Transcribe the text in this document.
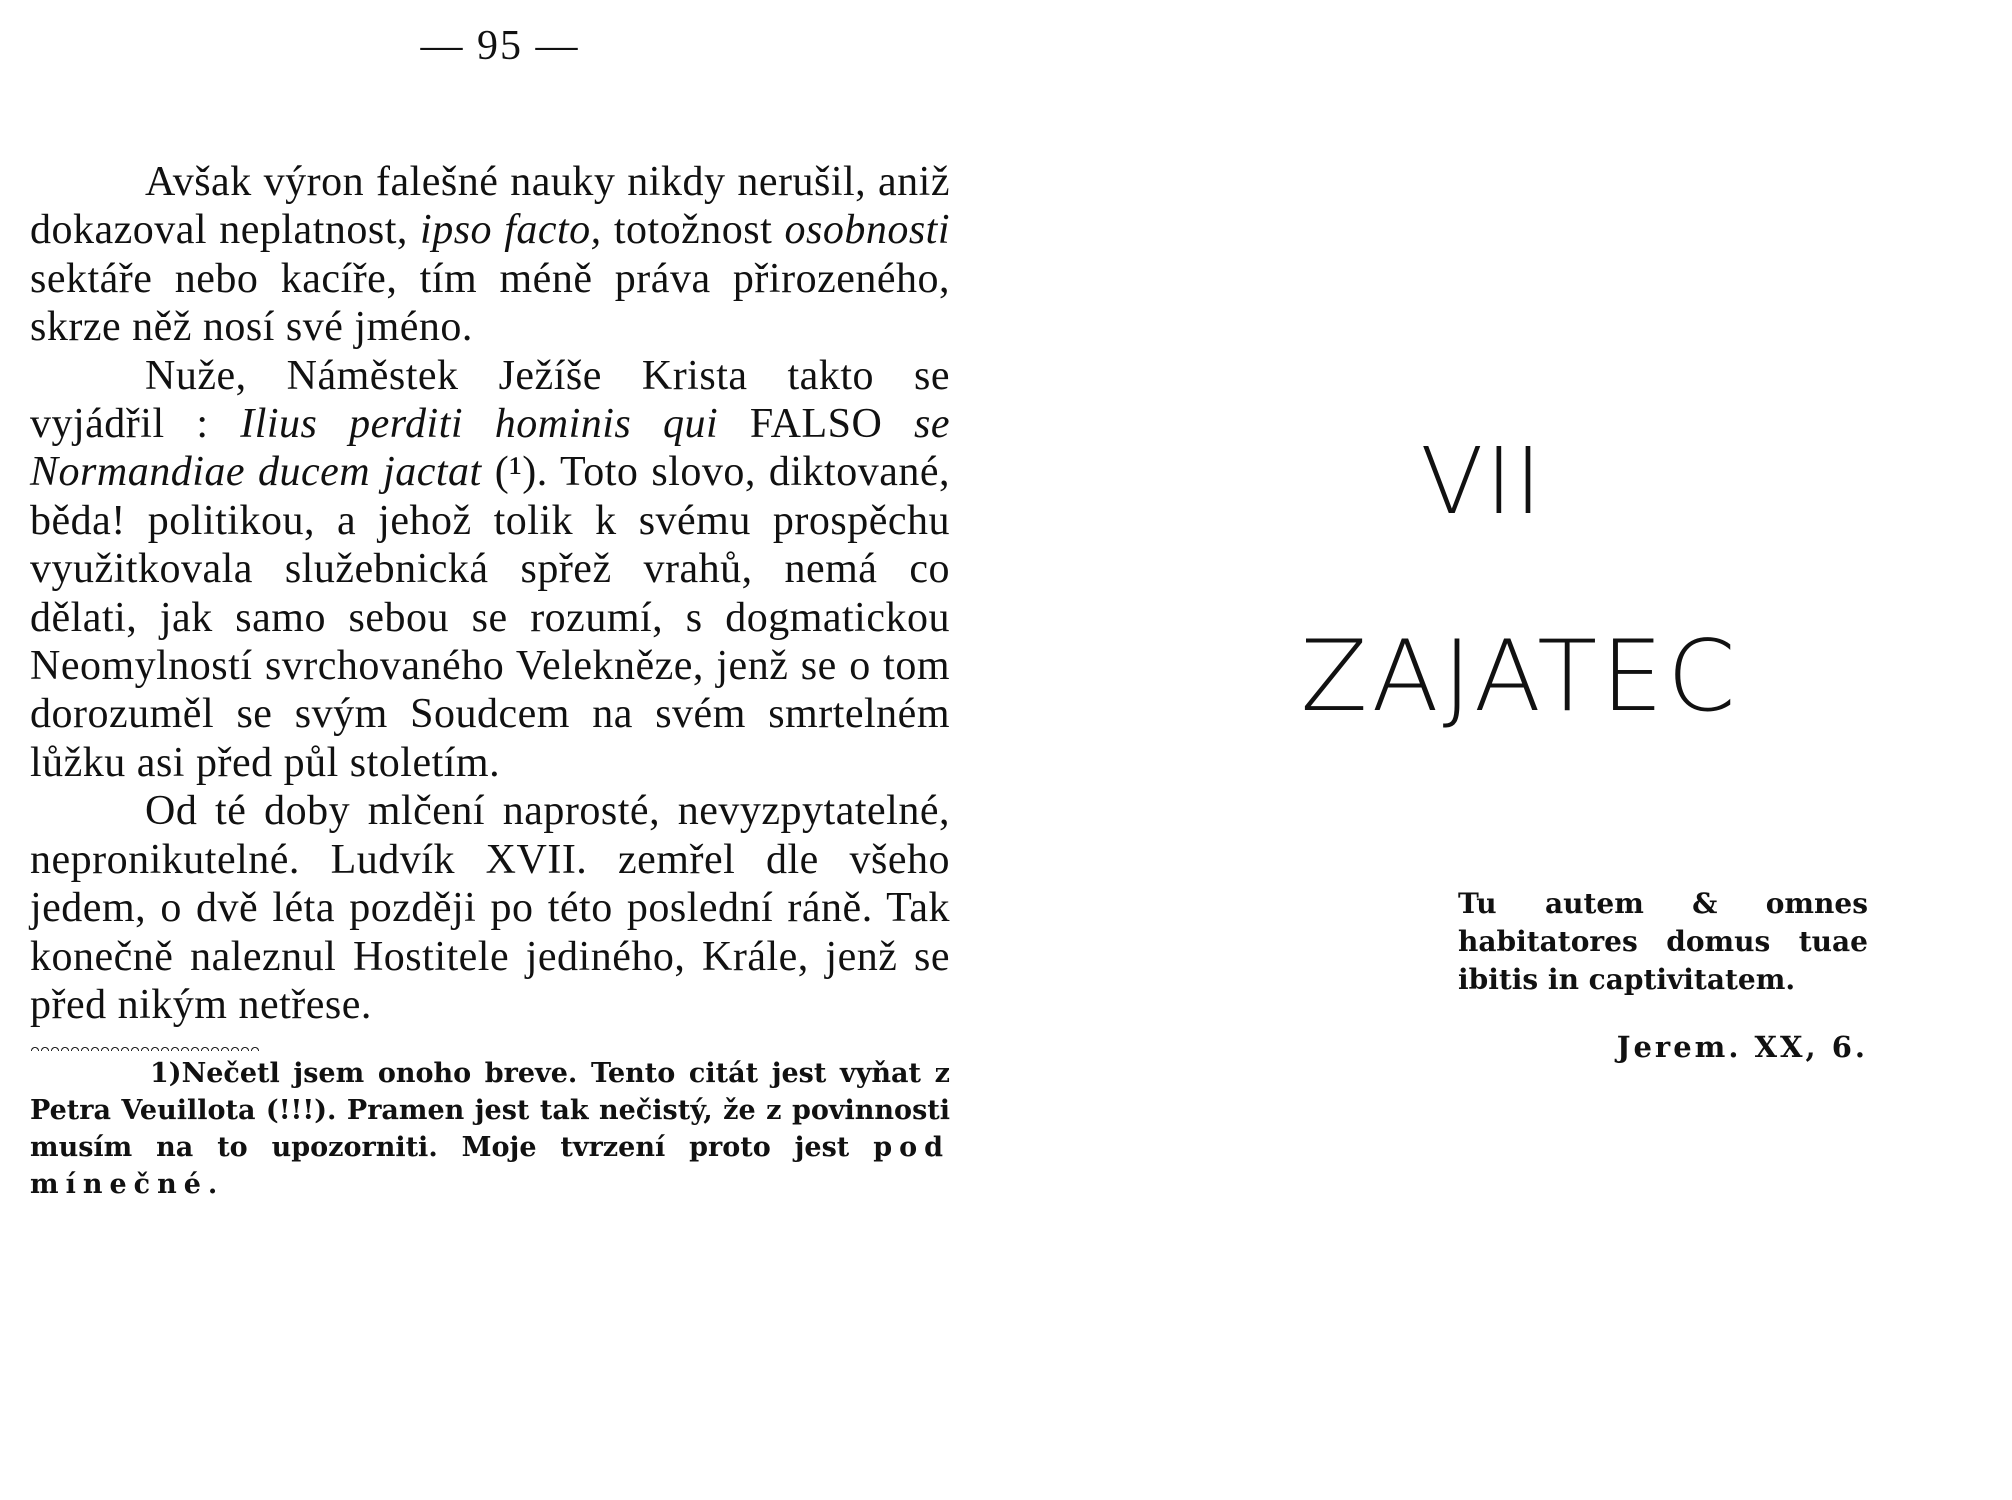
— 95 —

Avšak výron falešné nauky nikdy nerušil, aniž dokazoval neplatnost, ipso facto, totožnost osobnosti sektáře nebo kacíře, tím méně práva přirozeného, skrze něž nosí své jméno.

Nuže, Náměstek Ježíše Krista takto se vyjádřil : Ilius perditi hominis qui FALSO se Normandiae ducem jactat (¹). Toto slovo, diktované, běda! politikou, a jehož tolik k svému prospěchu využitkovala služebnická spřež vrahů, nemá co dělati, jak samo sebou se rozumí, s dogmatickou Neomylností svrchovaného Velekněze, jenž se o tom dorozuměl se svým Soudcem na svém smrtelném lůžku asi před půl stoletím.

Od té doby mlčení naprosté, nevyzpytatelné, nepronikutelné. Ludvík XVII. zemřel dle všeho jedem, o dvě léta později po této poslední ráně. Tak konečně naleznul Hostitele jediného, Krále, jenž se před nikým netřese.

1)Nečetl jsem onoho breve. Tento citát jest vyňat z Petra Veuillota (!!!). Pramen jest tak nečistý, že z povinnosti musím na to upozorniti. Moje tvrzení proto jest pod mínečné.

VII
ZAJATEC
Tu autem & omnes habitatores domus tuae ibitis in captivitatem.
Jerem. XX, 6.
